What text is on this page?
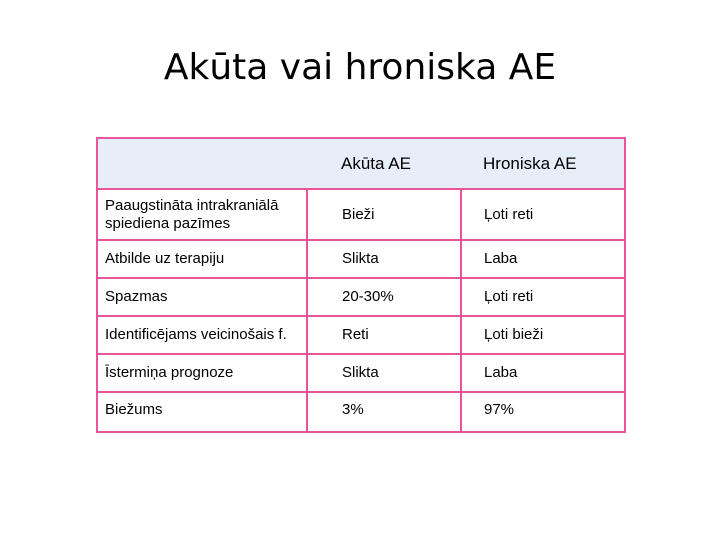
Akūta vai hroniska AE
	Akūta AE	Hroniska AE
Paaugstināta intrakraniālā spiediena pazīmes	Bieži	Ļoti reti
Atbilde uz terapiju	Slikta	Laba
Spazmas	20-30%	Ļoti reti
Identificējams veicinošais f.	Reti	Ļoti bieži
Īstermiņa prognoze	Slikta	Laba
Biežums	3%	97%
